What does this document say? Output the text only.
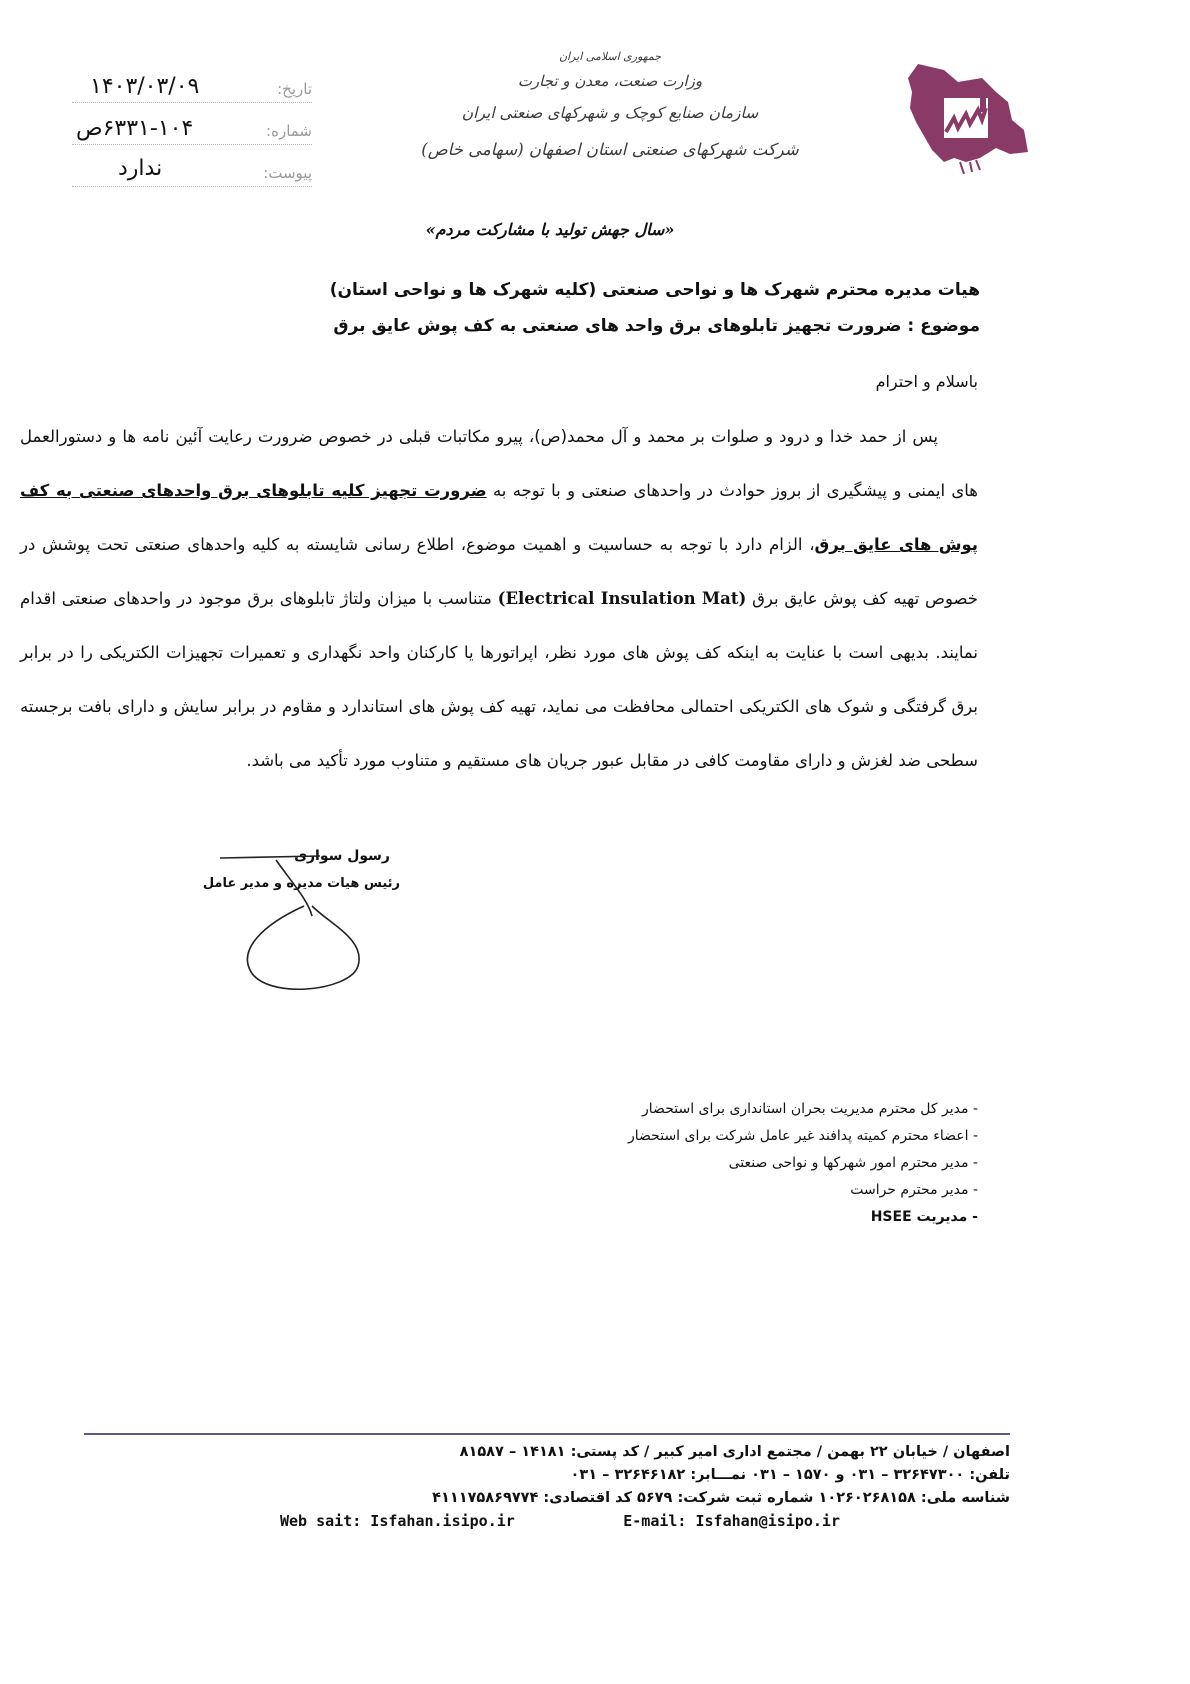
۱۴۰۳/۰۳/۰۹	تاریخ:
۶۳۳۱-۱۰۴ص	شماره:
ندارد	پیوست:
جمهوری اسلامی ایران
وزارت صنعت، معدن و تجارت
سازمان صنایع کوچک و شهرکهای صنعتی ایران
شرکت شهرکهای صنعتی استان اصفهان (سهامی خاص)
«سال جهش تولید با مشارکت مردم»
هیات مدیره محترم شهرک ها و نواحی صنعتی (کلیه شهرک ها و نواحی استان)
موضوع : ضرورت تجهیز تابلوهای برق واحد های صنعتی به کف پوش عایق برق
باسلام و احترام
پس از حمد خدا و درود و صلوات بر محمد و آل محمد(ص)، پیرو مکاتبات قبلی در خصوص ضرورت رعایت آئین نامه ها و دستورالعمل های ایمنی و پیشگیری از بروز حوادث در واحدهای صنعتی و با توجه به ضرورت تجهیز کلیه تابلوهای برق واحدهای صنعتی به کف پوش های عایق برق، الزام دارد با توجه به حساسیت و اهمیت موضوع، اطلاع رسانی شایسته به کلیه واحدهای صنعتی تحت پوشش در خصوص تهیه کف پوش عایق برق (Electrical Insulation Mat) متناسب با میزان ولتاژ تابلوهای برق موجود در واحدهای صنعتی اقدام نمایند. بدیهی است با عنایت به اینکه کف پوش های مورد نظر، اپراتورها یا کارکنان واحد نگهداری و تعمیرات تجهیزات الکتریکی را در برابر برق گرفتگی و شوک های الکتریکی احتمالی محافظت می نماید، تهیه کف پوش های استاندارد و مقاوم در برابر سایش و دارای بافت برجسته سطحی ضد لغزش و دارای مقاومت کافی در مقابل عبور جریان های مستقیم و متناوب مورد تأکید می باشد.
رسول سواری
رئیس هیات مدیره و مدیر عامل
- مدیر کل محترم مدیریت بحران استانداری برای استحضار
- اعضاء محترم کمیته پدافند غیر عامل شرکت برای استحضار
- مدیر محترم امور شهرکها و نواحی صنعتی
- مدیر محترم حراست
- مدیریت HSEE
اصفهان / خیابان ۲۲ بهمن / مجتمع اداری امیر کبیر / کد پستی: ۱۴۱۸۱ – ۸۱۵۸۷
تلفن: ۳۲۶۴۷۳۰۰ – ۰۳۱ و ۱۵۷۰ – ۰۳۱ نمـــابر: ۳۲۶۴۶۱۸۲ – ۰۳۱
شناسه ملی: ۱۰۲۶۰۲۶۸۱۵۸ شماره ثبت شرکت: ۵۶۷۹ کد اقتصادی: ۴۱۱۱۷۵۸۶۹۷۷۴
E-mail: Isfahan@isipo.ir
Web sait: Isfahan.isipo.ir
